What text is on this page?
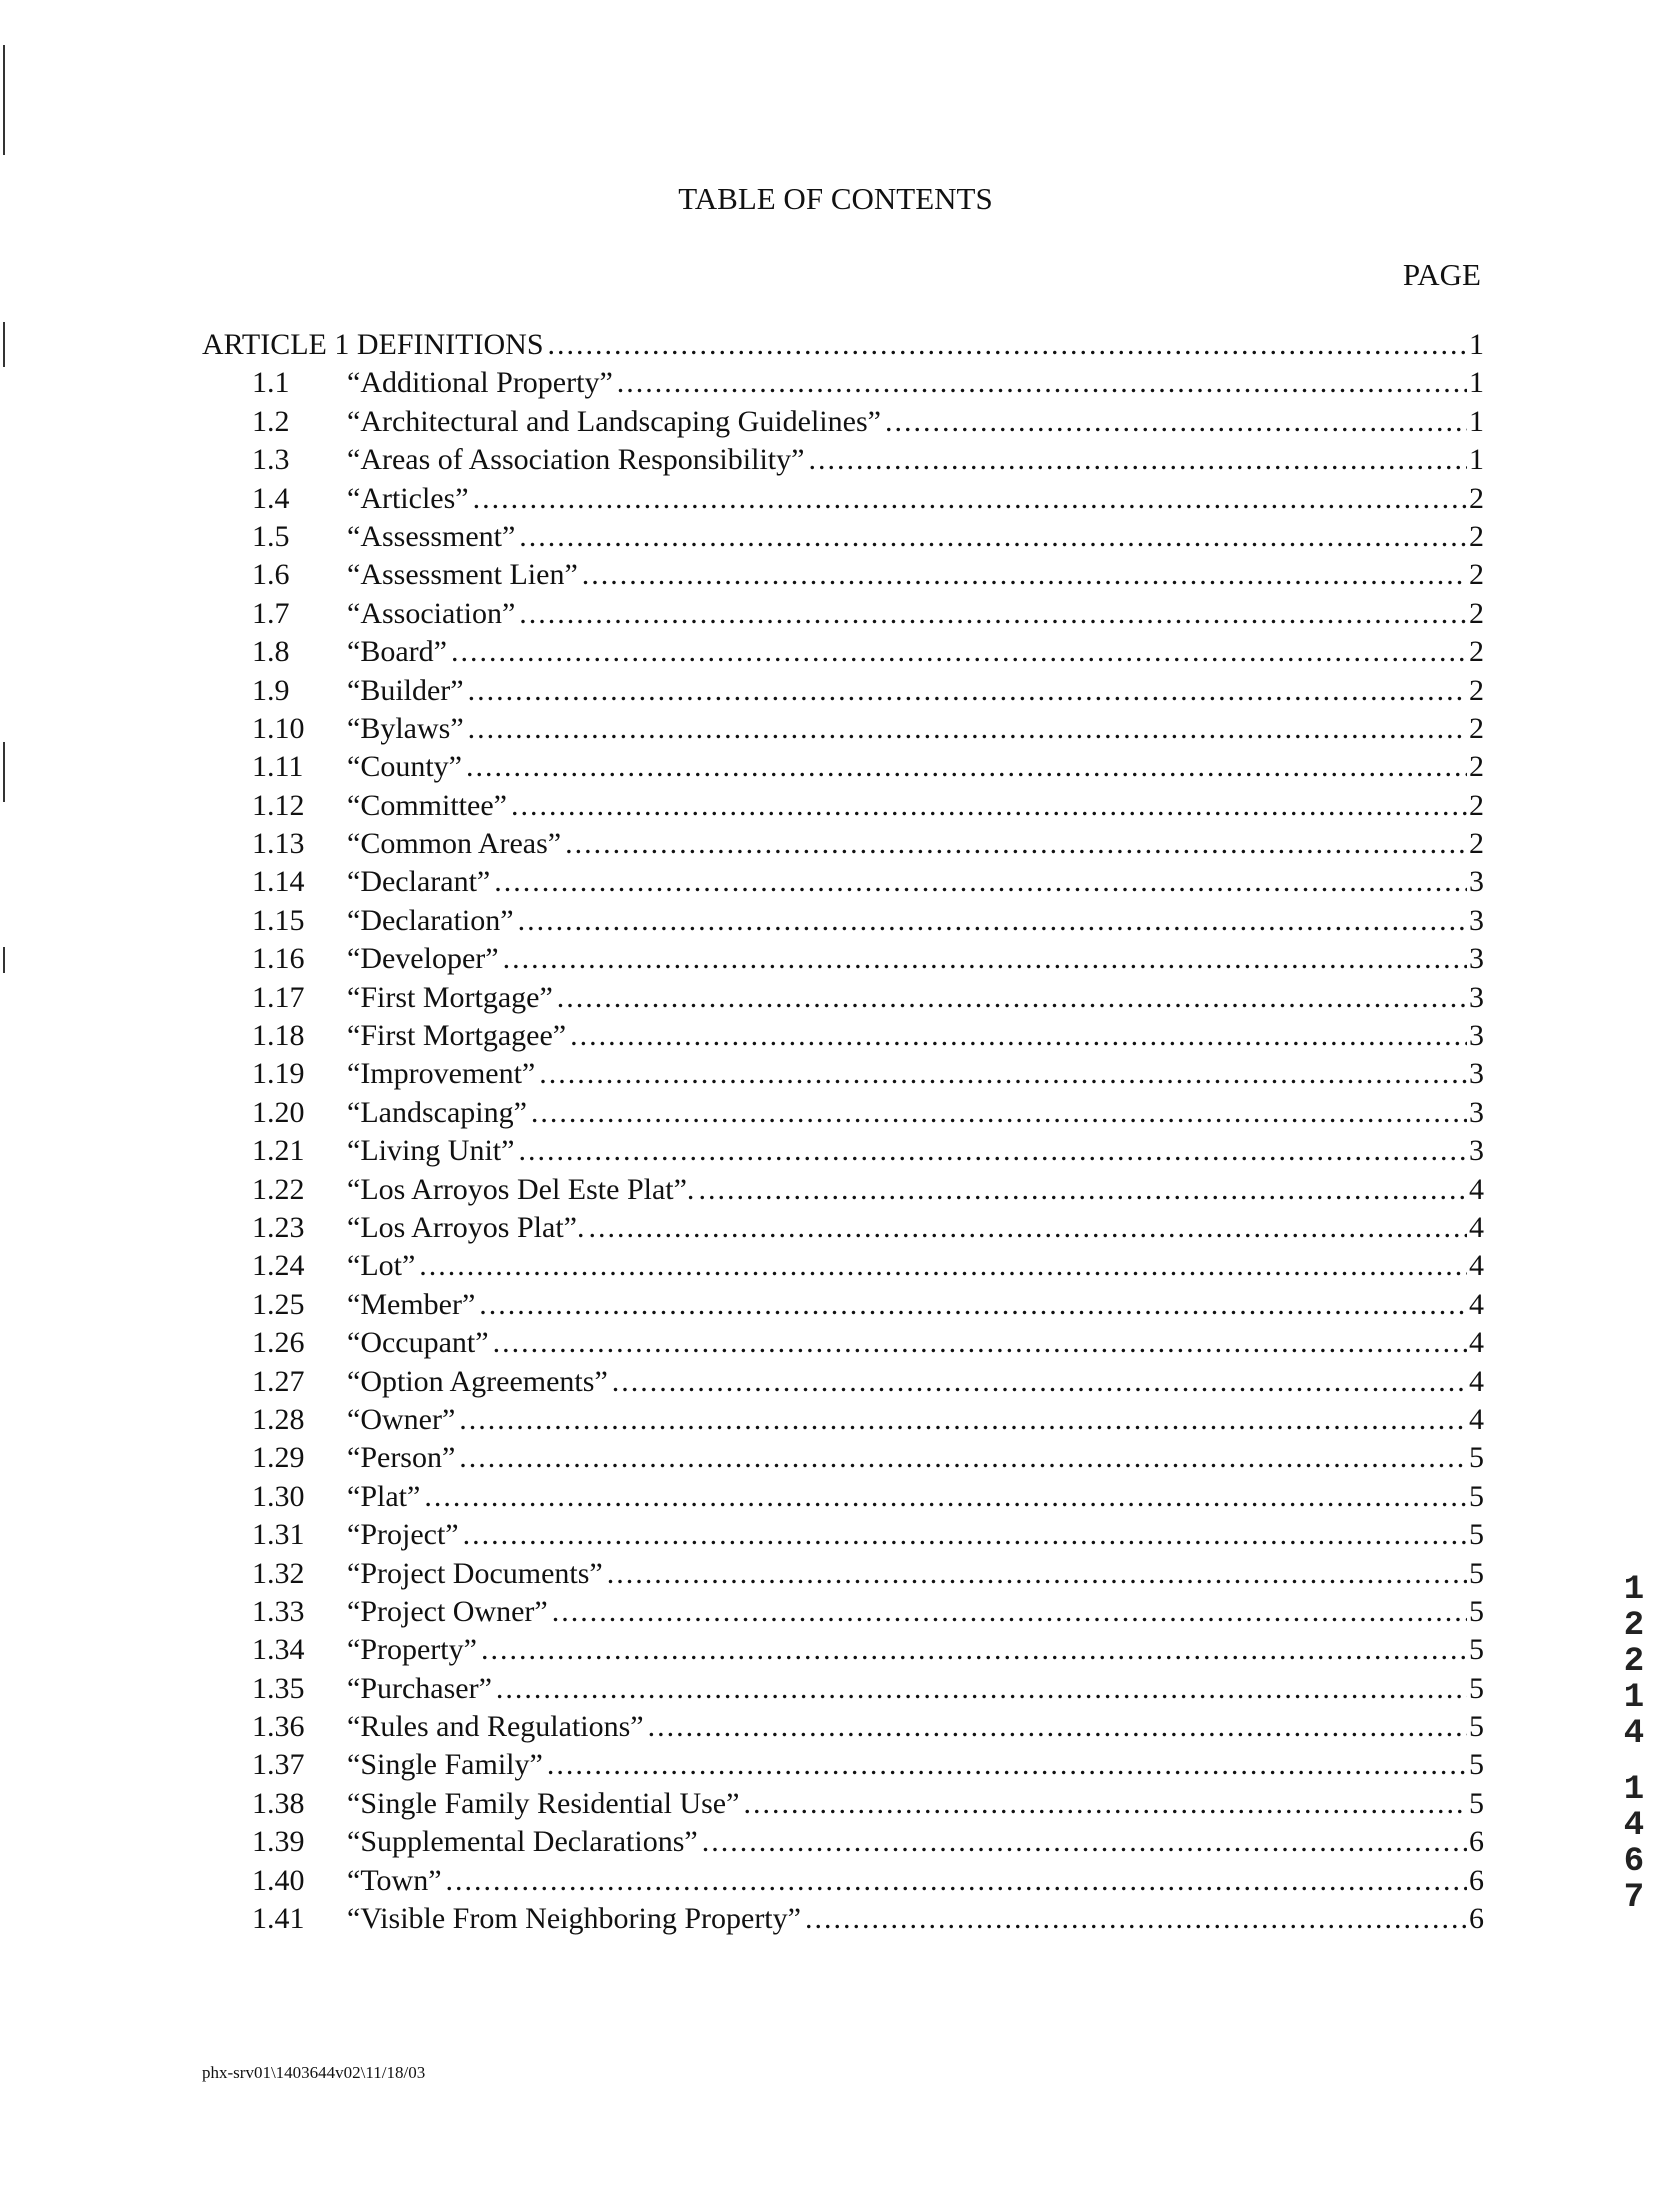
TABLE OF CONTENTS
PAGE
ARTICLE 1 DEFINITIONS .....	1
1.1	“Additional Property” .....	1
1.2	“Architectural and Landscaping Guidelines” .....	1
1.3	“Areas of Association Responsibility” .....	1
1.4	“Articles” .....	2
1.5	“Assessment” .....	2
1.6	“Assessment Lien” .....	2
1.7	“Association” .....	2
1.8	“Board” .....	2
1.9	“Builder” .....	2
1.10	“Bylaws” .....	2
1.11	“County” .....	2
1.12	“Committee” .....	2
1.13	“Common Areas” .....	2
1.14	“Declarant” .....	3
1.15	“Declaration” .....	3
1.16	“Developer” .....	3
1.17	“First Mortgage” .....	3
1.18	“First Mortgagee” .....	3
1.19	“Improvement” .....	3
1.20	“Landscaping” .....	3
1.21	“Living Unit” .....	3
1.22	“Los Arroyos Del Este Plat”. .....	4
1.23	“Los Arroyos Plat”. .....	4
1.24	“Lot” .....	4
1.25	“Member” .....	4
1.26	“Occupant” .....	4
1.27	“Option Agreements” .....	4
1.28	“Owner” .....	4
1.29	“Person” .....	5
1.30	“Plat” .....	5
1.31	“Project” .....	5
1.32	“Project Documents” .....	5
1.33	“Project Owner” .....	5
1.34	“Property” .....	5
1.35	“Purchaser” .....	5
1.36	“Rules and Regulations” .....	5
1.37	“Single Family” .....	5
1.38	“Single Family Residential Use” .....	5
1.39	“Supplemental Declarations” .....	6
1.40	“Town” .....	6
1.41	“Visible From Neighboring Property” .....	6
phx-srv01\1403644v02\11/18/03
1
2
2
1
4
1
4
6
7
